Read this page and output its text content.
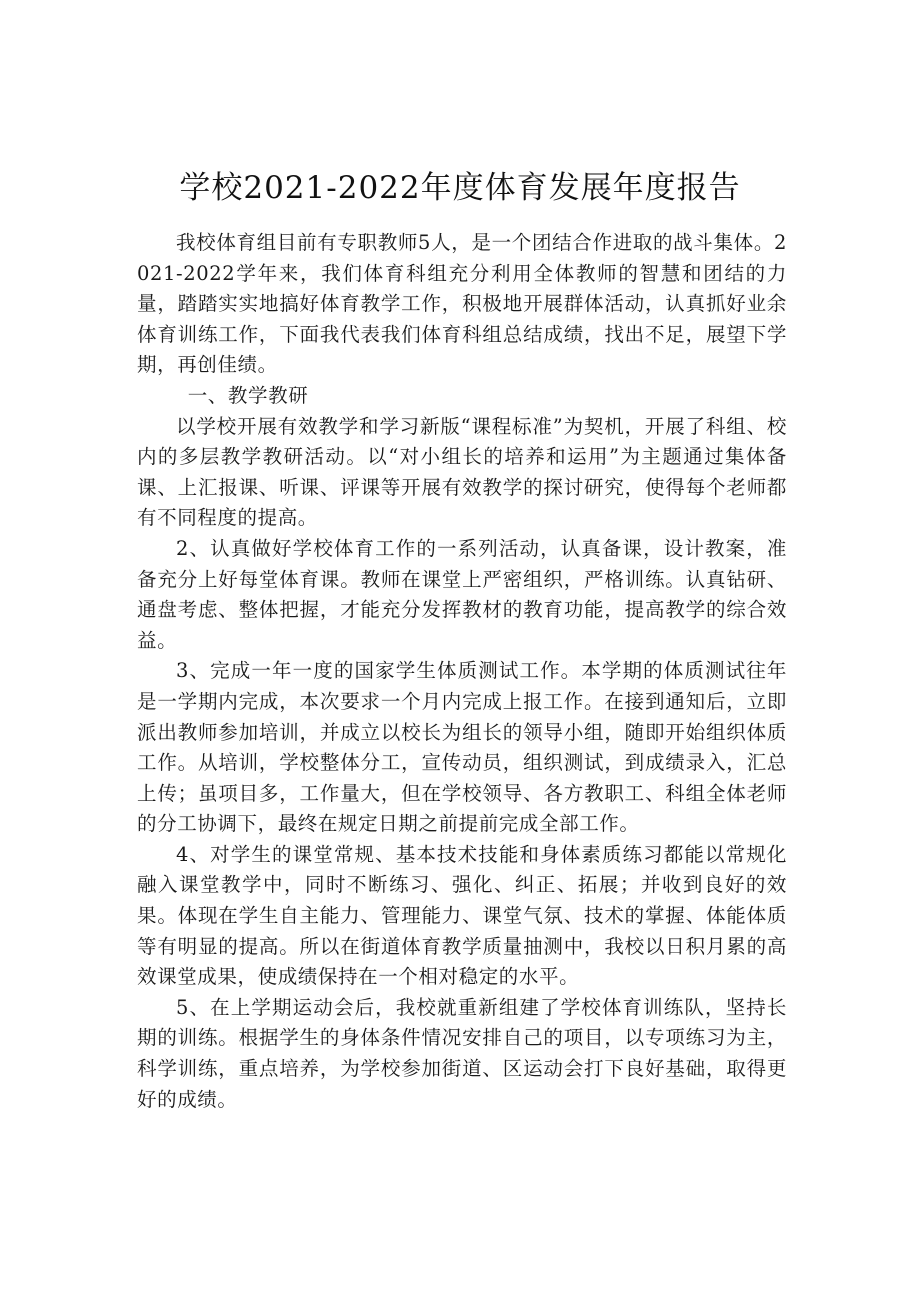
学校2021-2022年度体育发展年度报告

我校体育组目前有专职教师5人，是一个团结合作进取的战斗集体。2021-2022学年来，我们体育科组充分利用全体教师的智慧和团结的力量，踏踏实实地搞好体育教学工作，积极地开展群体活动，认真抓好业余体育训练工作，下面我代表我们体育科组总结成绩，找出不足，展望下学期，再创佳绩。

一、教学教研

以学校开展有效教学和学习新版“课程标准”为契机，开展了科组、校内的多层教学教研活动。以“对小组长的培养和运用”为主题通过集体备课、上汇报课、听课、评课等开展有效教学的探讨研究，使得每个老师都有不同程度的提高。

2、认真做好学校体育工作的一系列活动，认真备课，设计教案，准备充分上好每堂体育课。教师在课堂上严密组织，严格训练。认真钻研、通盘考虑、整体把握，才能充分发挥教材的教育功能，提高教学的综合效益。

3、完成一年一度的国家学生体质测试工作。本学期的体质测试往年是一学期内完成，本次要求一个月内完成上报工作。在接到通知后，立即派出教师参加培训，并成立以校长为组长的领导小组，随即开始组织体质工作。从培训，学校整体分工，宣传动员，组织测试，到成绩录入，汇总上传；虽项目多，工作量大，但在学校领导、各方教职工、科组全体老师的分工协调下，最终在规定日期之前提前完成全部工作。

4、对学生的课堂常规、基本技术技能和身体素质练习都能以常规化融入课堂教学中，同时不断练习、强化、纠正、拓展；并收到良好的效果。体现在学生自主能力、管理能力、课堂气氛、技术的掌握、体能体质等有明显的提高。所以在街道体育教学质量抽测中，我校以日积月累的高效课堂成果，使成绩保持在一个相对稳定的水平。

5、在上学期运动会后，我校就重新组建了学校体育训练队，坚持长期的训练。根据学生的身体条件情况安排自己的项目，以专项练习为主，科学训练，重点培养，为学校参加街道、区运动会打下良好基础，取得更好的成绩。
